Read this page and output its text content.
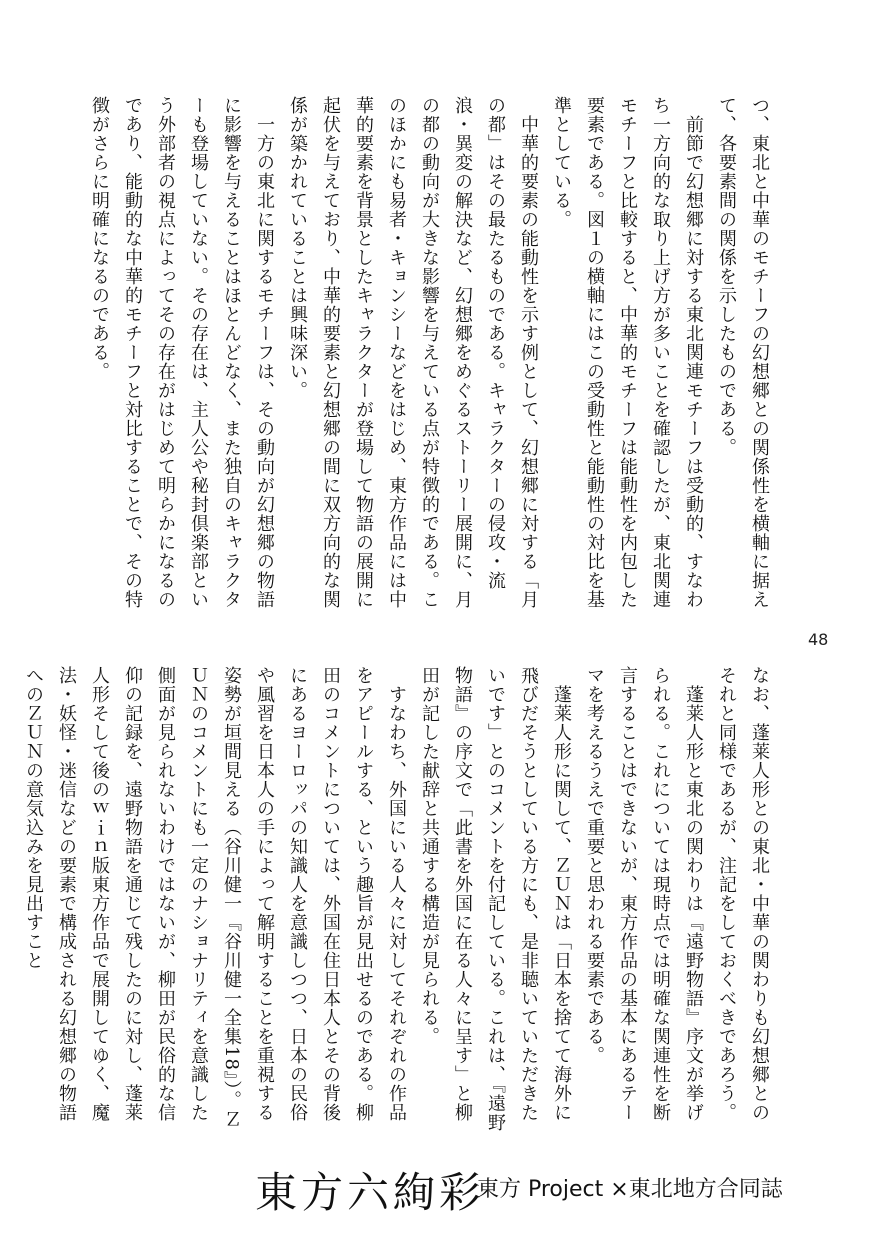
つ、東北と中華のモチーフの幻想郷との関係性を横軸に据えて、各要素間の関係を示したものである。
　前節で幻想郷に対する東北関連モチーフは受動的、すなわち一方向的な取り上げ方が多いことを確認したが、東北関連モチーフと比較すると、中華的モチーフは能動性を内包した要素である。図１の横軸にはこの受動性と能動性の対比を基準としている。
　中華的要素の能動性を示す例として、幻想郷に対する「月の都」はその最たるものである。キャラクターの侵攻・流浪・異変の解決など、幻想郷をめぐるストーリー展開に、月の都の動向が大きな影響を与えている点が特徴的である。このほかにも易者・キョンシーなどをはじめ、東方作品には中華的要素を背景としたキャラクターが登場して物語の展開に起伏を与えており、中華的要素と幻想郷の間に双方向的な関係が築かれていることは興味深い。
　一方の東北に関するモチーフは、その動向が幻想郷の物語に影響を与えることはほとんどなく、また独自のキャラクターも登場していない。その存在は、主人公や秘封倶楽部という外部者の視点によってその存在がはじめて明らかになるのであり、能動的な中華的モチーフと対比することで、その特徴がさらに明確になるのである。
48
なお、蓬莱人形との東北・中華の関わりも幻想郷とのそれと同様であるが、注記をしておくべきであろう。
　蓬莱人形と東北の関わりは『遠野物語』序文が挙げられる。これについては現時点では明確な関連性を断言することはできないが、東方作品の基本にあるテーマを考えるうえで重要と思われる要素である。
　蓬莱人形に関して、ＺＵＮは「日本を捨てて海外に飛びだそうとしている方にも、是非聴いていただきたいです」とのコメントを付記している。これは、『遠野物語』の序文で「此書を外国に在る人々に呈す」と柳田が記した献辞と共通する構造が見られる。
　すなわち、外国にいる人々に対してそれぞれの作品をアピールする、という趣旨が見出せるのである。柳田のコメントについては、外国在住日本人とその背後にあるヨーロッパの知識人を意識しつつ、日本の民俗や風習を日本人の手によって解明することを重視する姿勢が垣間見える（谷川健一『谷川健一全集18』）。ＺＵＮのコメントにも一定のナショナリティを意識した側面が見られないわけではないが、柳田が民俗的な信仰の記録を、遠野物語を通じて残したのに対し、蓬莱人形そして後のｗｉｎ版東方作品で展開してゆく、魔法・妖怪・迷信などの要素で構成される幻想郷の物語へのＺＵＮの意気込みを見出すこと
東方六絢彩
東方 Project ×東北地方合同誌
